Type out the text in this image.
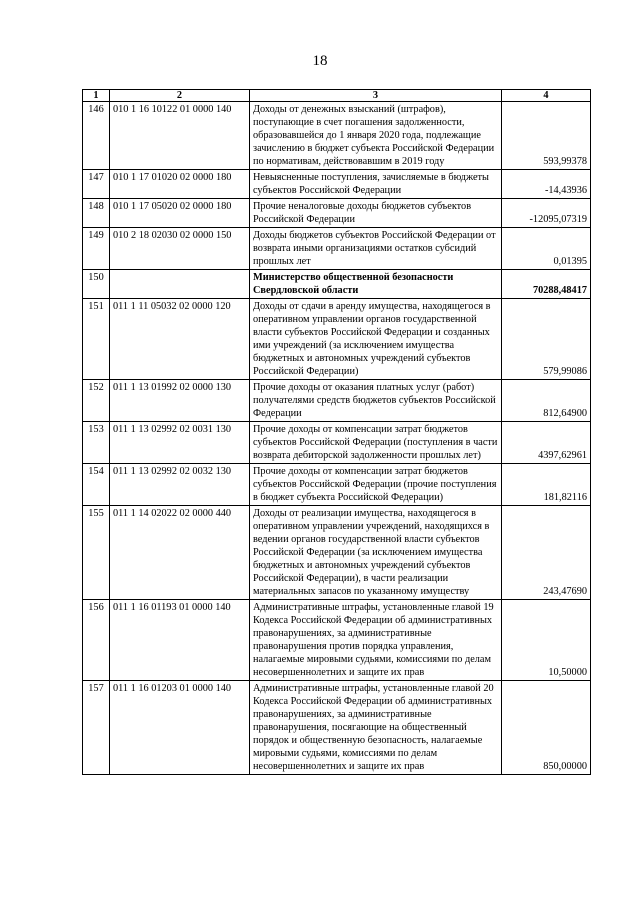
18
1	2	3	4
146	010 1 16 10122 01 0000 140	Доходы от денежных взысканий (штрафов), поступающие в счет погашения задолженности, образовавшейся до 1 января 2020 года, подлежащие зачислению в бюджет субъекта Российской Федерации по нормативам, действовавшим в 2019 году	593,99378
147	010 1 17 01020 02 0000 180	Невыясненные поступления, зачисляемые в бюджеты субъектов Российской Федерации	-14,43936
148	010 1 17 05020 02 0000 180	Прочие неналоговые доходы бюджетов субъектов Российской Федерации	-12095,07319
149	010 2 18 02030 02 0000 150	Доходы бюджетов субъектов Российской Федерации от возврата иными организациями остатков субсидий прошлых лет	0,01395
150		Министерство общественной безопасности Свердловской области	70288,48417
151	011 1 11 05032 02 0000 120	Доходы от сдачи в аренду имущества, находящегося в оперативном управлении органов государственной власти субъектов Российской Федерации и созданных ими учреждений (за исключением имущества бюджетных и автономных учреждений субъектов Российской Федерации)	579,99086
152	011 1 13 01992 02 0000 130	Прочие доходы от оказания платных услуг (работ) получателями средств бюджетов субъектов Российской Федерации	812,64900
153	011 1 13 02992 02 0031 130	Прочие доходы от компенсации затрат бюджетов субъектов Российской Федерации (поступления в части возврата дебиторской задолженности прошлых лет)	4397,62961
154	011 1 13 02992 02 0032 130	Прочие доходы от компенсации затрат бюджетов субъектов Российской Федерации (прочие поступления в бюджет субъекта Российской Федерации)	181,82116
155	011 1 14 02022 02 0000 440	Доходы от реализации имущества, находящегося в оперативном управлении учреждений, находящихся в ведении органов государственной власти субъектов Российской Федерации (за исключением имущества бюджетных и автономных учреждений субъектов Российской Федерации), в части реализации материальных запасов по указанному имуществу	243,47690
156	011 1 16 01193 01 0000 140	Административные штрафы, установленные главой 19 Кодекса Российской Федерации об административных правонарушениях, за административные правонарушения против порядка управления, налагаемые мировыми судьями, комиссиями по делам несовершеннолетних и защите их прав	10,50000
157	011 1 16 01203 01 0000 140	Административные штрафы, установленные главой 20 Кодекса Российской Федерации об административных правонарушениях, за административные правонарушения, посягающие на общественный порядок и общественную безопасность, налагаемые мировыми судьями, комиссиями по делам несовершеннолетних и защите их прав	850,00000
